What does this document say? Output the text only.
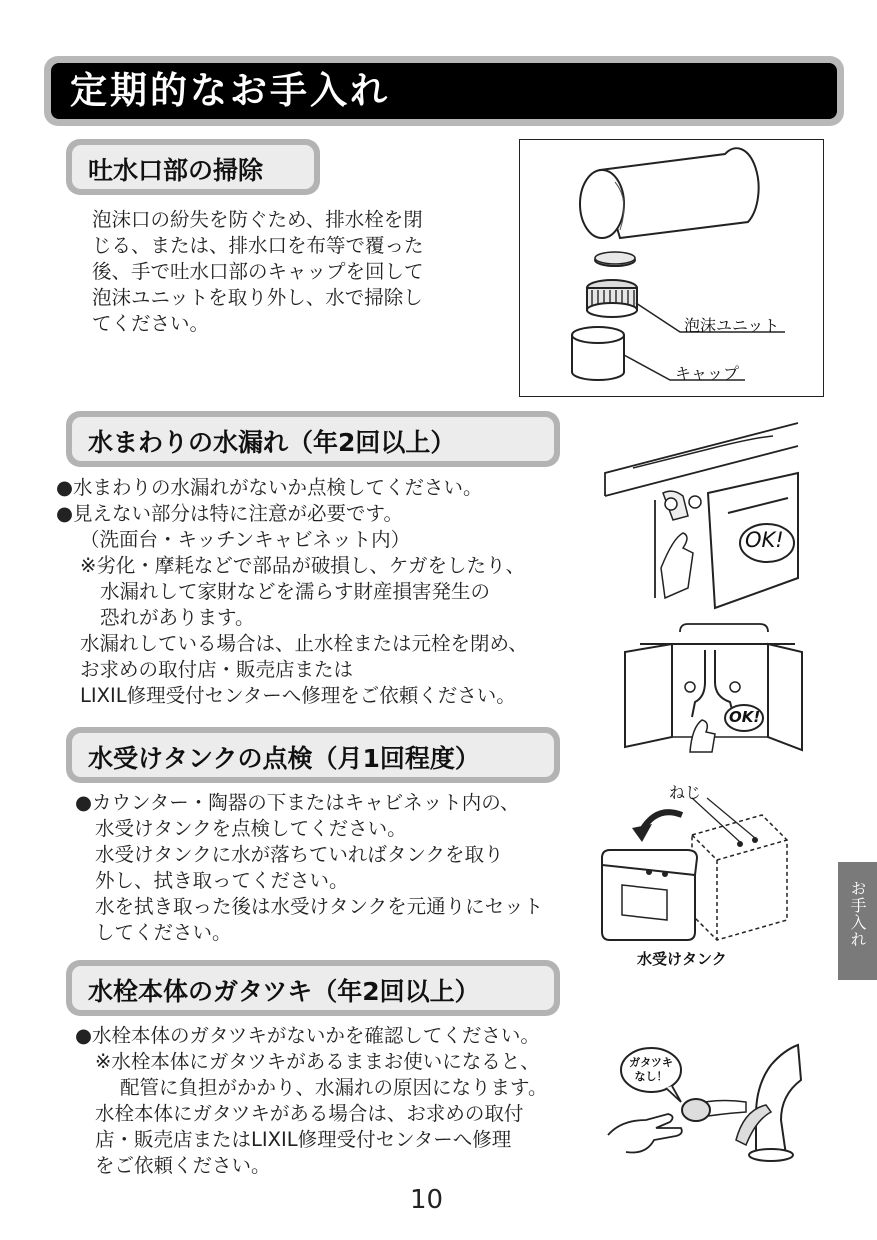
定期的なお手入れ
吐水口部の掃除
泡沫口の紛失を防ぐため、排水栓を閉
じる、または、排水口を布等で覆った
後、手で吐水口部のキャップを回して
泡沫ユニットを取り外し、水で掃除し
てください。	泡沫ユニット
キャップ
水まわりの水漏れ（年2回以上）
●水まわりの水漏れがないか点検してください。
●見えない部分は特に注意が必要です。
（洗面台・キッチンキャビネット内）
※劣化・摩耗などで部品が破損し、ケガをしたり、
水漏れして家財などを濡らす財産損害発生の
恐れがあります。
水漏れしている場合は、止水栓または元栓を閉め、
お求めの取付店・販売店または
LIXIL修理受付センターへ修理をご依頼ください。
OK!
OK!
水受けタンクの点検（月1回程度）
●カウンター・陶器の下またはキャビネット内の、
水受けタンクを点検してください。
水受けタンクに水が落ちていればタンクを取り
外し、拭き取ってください。
水を拭き取った後は水受けタンクを元通りにセット
してください。
ねじ
水受けタンク
お手入れ
水栓本体のガタツキ（年2回以上）
●水栓本体のガタツキがないかを確認してください。
※水栓本体にガタツキがあるままお使いになると、
配管に負担がかかり、水漏れの原因になります。
水栓本体にガタツキがある場合は、お求めの取付
店・販売店またはLIXIL修理受付センターへ修理
をご依頼ください。
ガタツキ
なし！
10
